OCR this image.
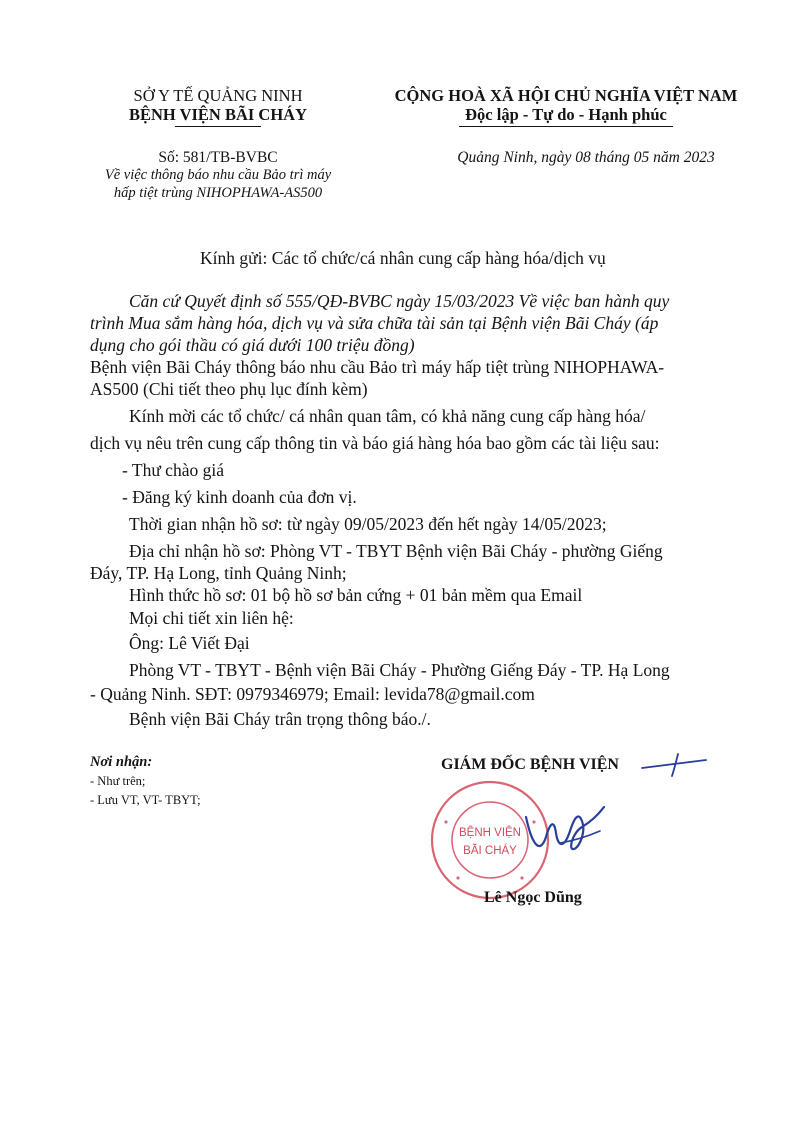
SỞ Y TẾ QUẢNG NINH
BỆNH VIỆN BÃI CHÁY
CỘNG HOÀ XÃ HỘI CHỦ NGHĨA VIỆT NAM
Độc lập - Tự do - Hạnh phúc
Số: 581/TB-BVBC
Về việc thông báo nhu cầu Bảo trì máy
hấp tiệt trùng NIHOPHAWA-AS500
Quảng Ninh, ngày 08 tháng 05 năm 2023
Kính gửi: Các tổ chức/cá nhân cung cấp hàng hóa/dịch vụ
Căn cứ Quyết định số 555/QĐ-BVBC ngày 15/03/2023 Về việc ban hành quy
trình Mua sắm hàng hóa, dịch vụ và sửa chữa tài sản tại Bệnh viện Bãi Cháy (áp
dụng cho gói thầu có giá dưới 100 triệu đồng)
Bệnh viện Bãi Cháy thông báo nhu cầu Bảo trì máy hấp tiệt trùng NIHOPHAWA-
AS500 (Chi tiết theo phụ lục đính kèm)
Kính mời các tổ chức/ cá nhân quan tâm, có khả năng cung cấp hàng hóa/
dịch vụ nêu trên cung cấp thông tin và báo giá hàng hóa bao gồm các tài liệu sau:
- Thư chào giá
- Đăng ký kinh doanh của đơn vị.
Thời gian nhận hồ sơ: từ ngày 09/05/2023 đến hết ngày 14/05/2023;
Địa chỉ nhận hồ sơ: Phòng VT - TBYT Bệnh viện Bãi Cháy - phường Giếng
Đáy, TP. Hạ Long, tỉnh Quảng Ninh;
Hình thức hồ sơ: 01 bộ hồ sơ bản cứng + 01 bản mềm qua Email
Mọi chi tiết xin liên hệ:
Ông: Lê Viết Đại
Phòng VT - TBYT - Bệnh viện Bãi Cháy - Phường Giếng Đáy - TP. Hạ Long
- Quảng Ninh. SĐT: 0979346979; Email: levida78@gmail.com
Bệnh viện Bãi Cháy trân trọng thông báo./.
Nơi nhận:
- Như trên;
- Lưu VT, VT- TBYT;
GIÁM ĐỐC BỆNH VIỆN
BỆNH VIỆN
BÃI CHÁY
Lê Ngọc Dũng
